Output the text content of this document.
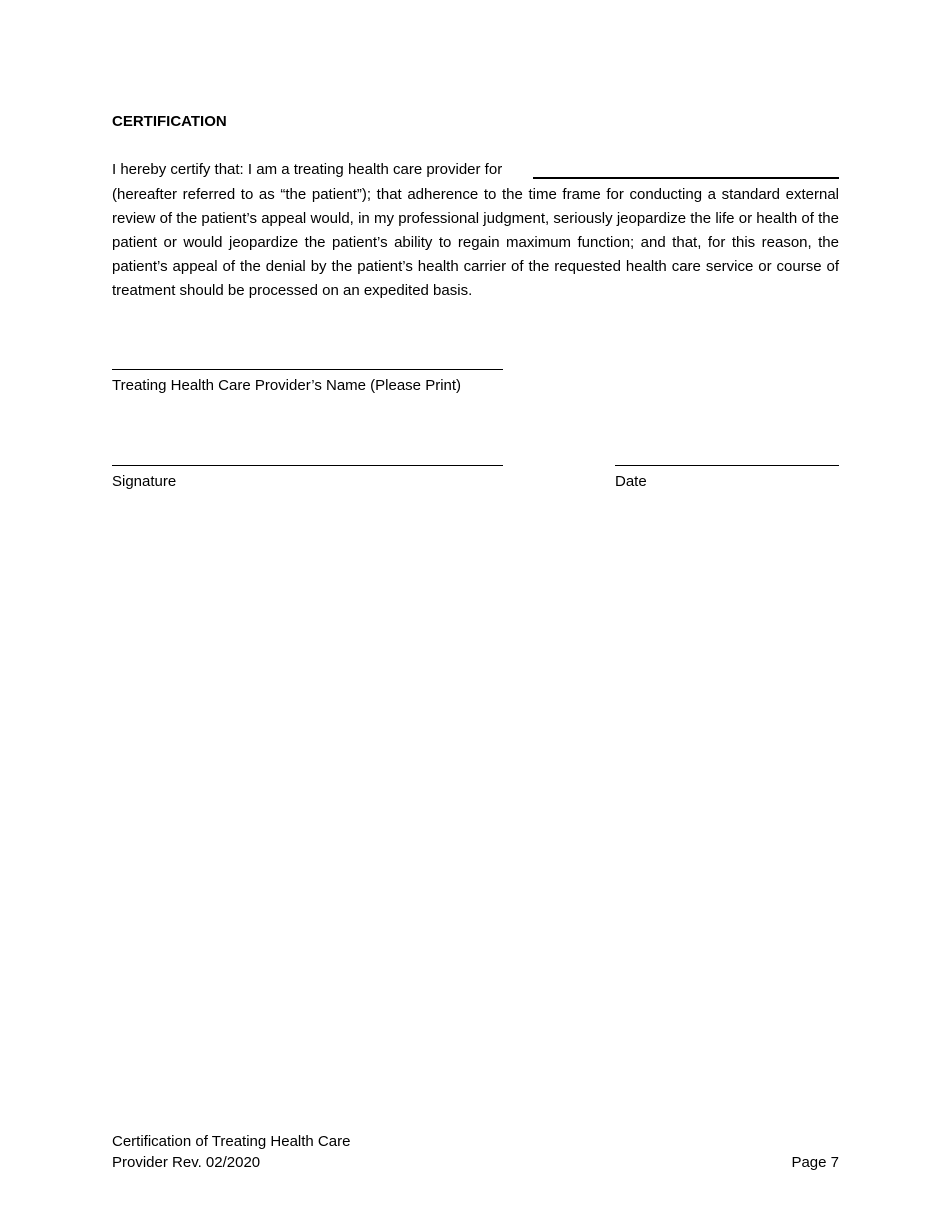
CERTIFICATION
I hereby certify that: I am a treating health care provider for

(hereafter referred to as “the patient”); that adherence to the time frame for conducting a standard external review of the patient’s appeal would, in my professional judgment, seriously jeopardize the life or health of the patient or would jeopardize the patient’s ability to regain maximum function; and that, for this reason, the patient’s appeal of the denial by the patient’s health carrier of the requested health care service or course of treatment should be processed on an expedited basis.

Treating Health Care Provider’s Name (Please Print)
Signature	Date
Certification of Treating Health Care
Provider Rev. 02/2020	Page 7
